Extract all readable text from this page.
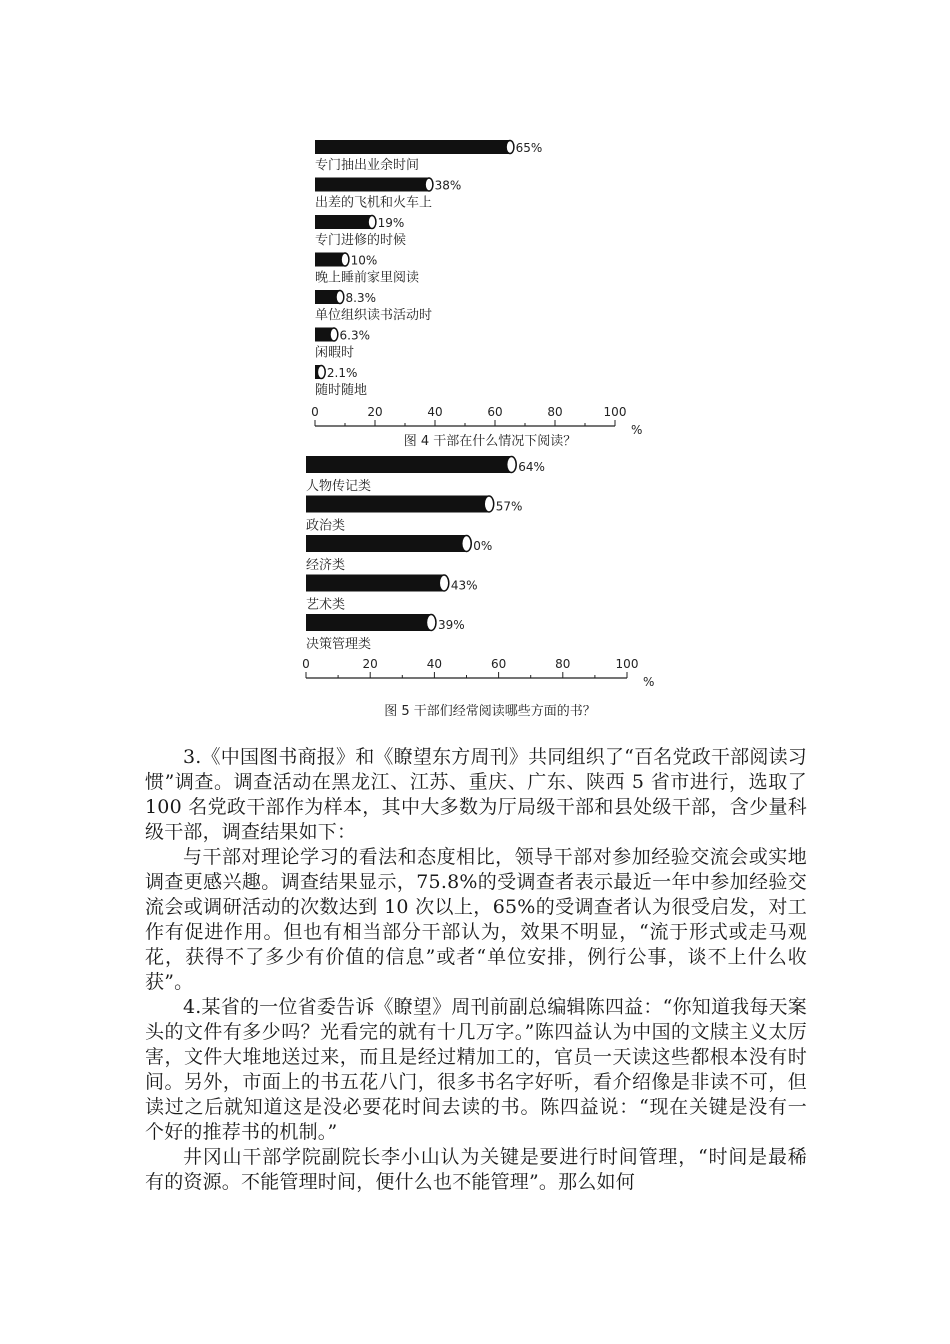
65%
专门抽出业余时间
38%
出差的飞机和火车上
19%
专门进修的时候
10%
晚上睡前家里阅读
8.3%
单位组织读书活动时
6.3%
闲暇时
2.1%
随时随地
0	20	40	60	80	100
%
图 4 干部在什么情况下阅读？
64%
人物传记类
57%
政治类
0%
经济类
43%
艺术类
39%
决策管理类
0	20	40	60	80	100
%
图 5 干部们经常阅读哪些方面的书？

3.《中国图书商报》和《瞭望东方周刊》共同组织了“百名党政干部阅读习惯”调查。调查活动在黑龙江、江苏、重庆、广东、陕西 5 省市进行，选取了 100 名党政干部作为样本，其中大多数为厅局级干部和县处级干部，含少量科级干部，调查结果如下：

与干部对理论学习的看法和态度相比，领导干部对参加经验交流会或实地调查更感兴趣。调查结果显示，75.8%的受调查者表示最近一年中参加经验交流会或调研活动的次数达到 10 次以上，65%的受调查者认为很受启发，对工作有促进作用。但也有相当部分干部认为，效果不明显，“流于形式或走马观花，获得不了多少有价值的信息”或者“单位安排，例行公事，谈不上什么收获”。

4.某省的一位省委告诉《瞭望》周刊前副总编辑陈四益：“你知道我每天案头的文件有多少吗？光看完的就有十几万字。”陈四益认为中国的文牍主义太厉害，文件大堆地送过来，而且是经过精加工的，官员一天读这些都根本没有时间。另外，市面上的书五花八门，很多书名字好听，看介绍像是非读不可，但读过之后就知道这是没必要花时间去读的书。陈四益说：“现在关键是没有一个好的推荐书的机制。”

井冈山干部学院副院长李小山认为关键是要进行时间管理，“时间是最稀有的资源。不能管理时间，便什么也不能管理”。那么如何
